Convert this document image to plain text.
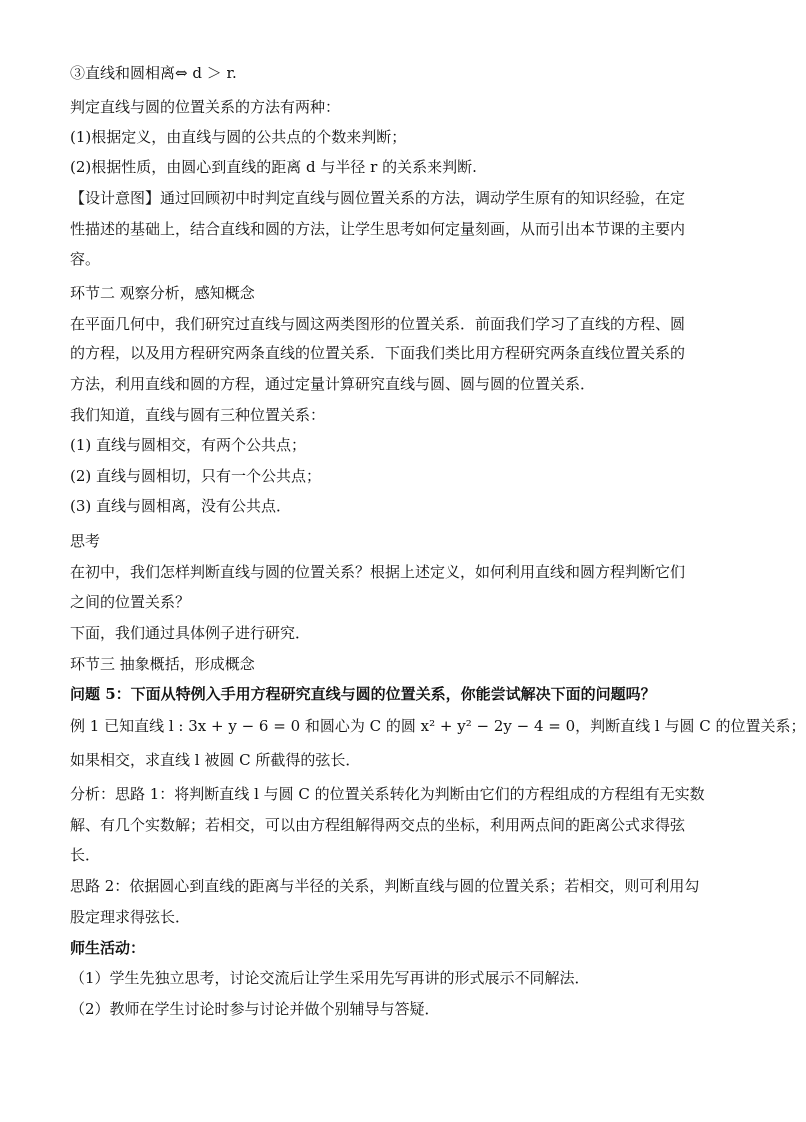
③直线和圆相离⇔ d ＞ r.
判定直线与圆的位置关系的方法有两种：
(1)根据定义，由直线与圆的公共点的个数来判断；
(2)根据性质，由圆心到直线的距离 d 与半径 r 的关系来判断.
【设计意图】通过回顾初中时判定直线与圆位置关系的方法，调动学生原有的知识经验，在定
性描述的基础上，结合直线和圆的方法，让学生思考如何定量刻画，从而引出本节课的主要内
容。
环节二 观察分析，感知概念
在平面几何中，我们研究过直线与圆这两类图形的位置关系．前面我们学习了直线的方程、圆
的方程，以及用方程研究两条直线的位置关系．下面我们类比用方程研究两条直线位置关系的
方法，利用直线和圆的方程，通过定量计算研究直线与圆、圆与圆的位置关系．
我们知道，直线与圆有三种位置关系：
(1) 直线与圆相交，有两个公共点；
(2) 直线与圆相切，只有一个公共点；
(3) 直线与圆相离，没有公共点．
思考
在初中，我们怎样判断直线与圆的位置关系？根据上述定义，如何利用直线和圆方程判断它们
之间的位置关系？
下面，我们通过具体例子进行研究．
环节三 抽象概括，形成概念
问题 5：下面从特例入手用方程研究直线与圆的位置关系，你能尝试解决下面的问题吗？
例 1 已知直线 l : 3x + y − 6 = 0 和圆心为 C 的圆 x² + y² − 2y − 4 = 0，判断直线 l 与圆 C 的位置关系；
如果相交，求直线 l 被圆 C 所截得的弦长．
分析：思路 1：将判断直线 l 与圆 C 的位置关系转化为判断由它们的方程组成的方程组有无实数
解、有几个实数解；若相交，可以由方程组解得两交点的坐标，利用两点间的距离公式求得弦
长．
思路 2：依据圆心到直线的距离与半径的关系，判断直线与圆的位置关系；若相交，则可利用勾
股定理求得弦长．
师生活动：
（1）学生先独立思考，讨论交流后让学生采用先写再讲的形式展示不同解法．
（2）教师在学生讨论时参与讨论并做个别辅导与答疑．
